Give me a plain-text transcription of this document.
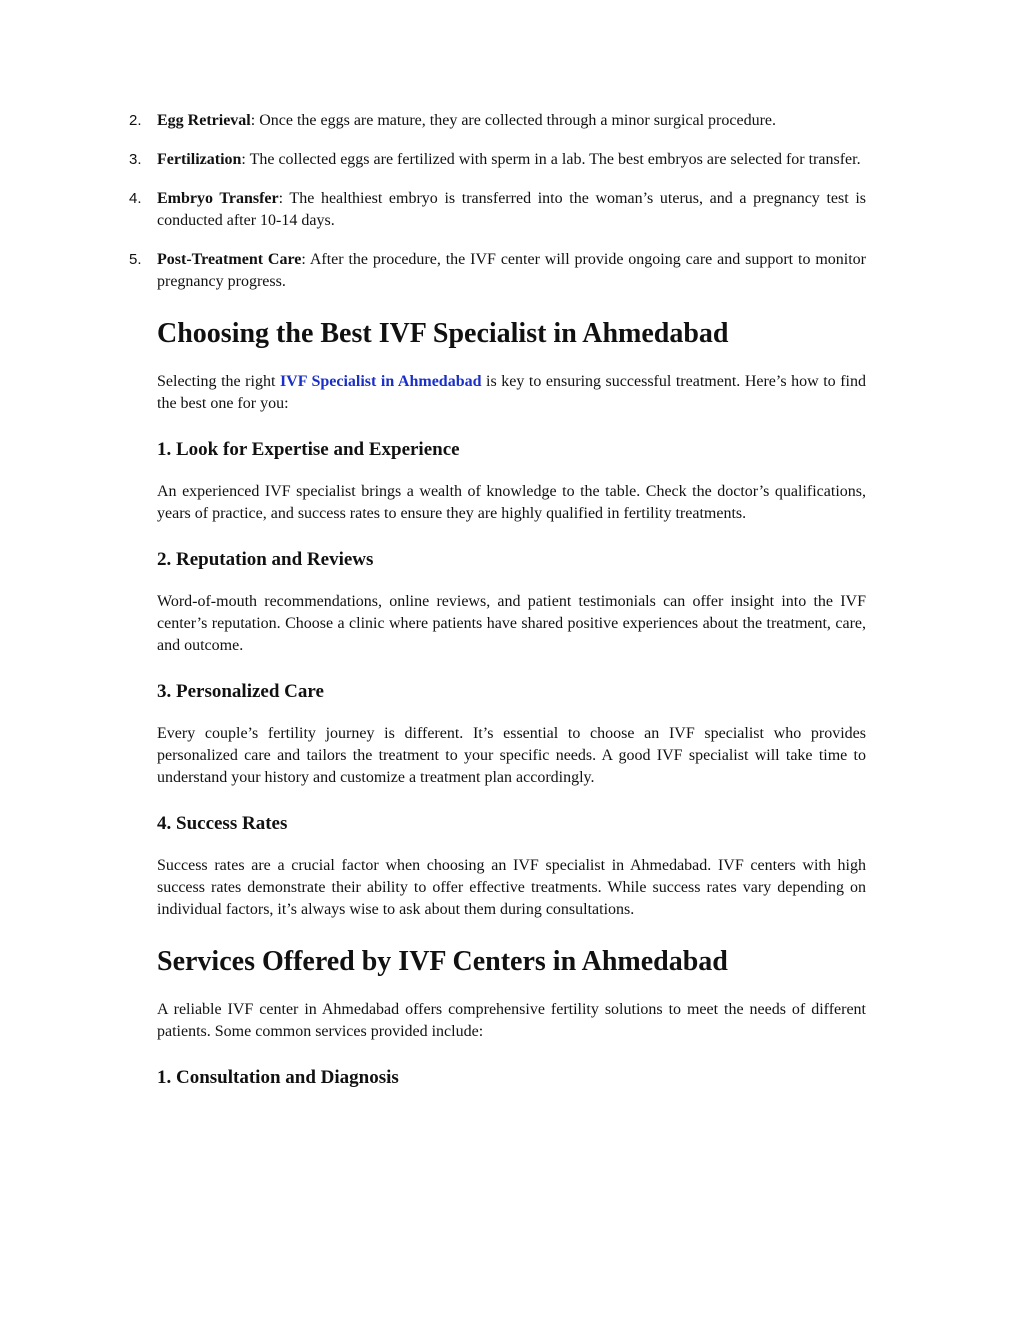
2. Egg Retrieval: Once the eggs are mature, they are collected through a minor surgical procedure.
3. Fertilization: The collected eggs are fertilized with sperm in a lab. The best embryos are selected for transfer.
4. Embryo Transfer: The healthiest embryo is transferred into the woman’s uterus, and a pregnancy test is conducted after 10-14 days.
5. Post-Treatment Care: After the procedure, the IVF center will provide ongoing care and support to monitor pregnancy progress.
Choosing the Best IVF Specialist in Ahmedabad

Selecting the right IVF Specialist in Ahmedabad is key to ensuring successful treatment. Here’s how to find the best one for you:

1. Look for Expertise and Experience

An experienced IVF specialist brings a wealth of knowledge to the table. Check the doctor’s qualifications, years of practice, and success rates to ensure they are highly qualified in fertility treatments.

2. Reputation and Reviews

Word-of-mouth recommendations, online reviews, and patient testimonials can offer insight into the IVF center’s reputation. Choose a clinic where patients have shared positive experiences about the treatment, care, and outcome.

3. Personalized Care

Every couple’s fertility journey is different. It’s essential to choose an IVF specialist who provides personalized care and tailors the treatment to your specific needs. A good IVF specialist will take time to understand your history and customize a treatment plan accordingly.

4. Success Rates

Success rates are a crucial factor when choosing an IVF specialist in Ahmedabad. IVF centers with high success rates demonstrate their ability to offer effective treatments. While success rates vary depending on individual factors, it’s always wise to ask about them during consultations.

Services Offered by IVF Centers in Ahmedabad

A reliable IVF center in Ahmedabad offers comprehensive fertility solutions to meet the needs of different patients. Some common services provided include:

1. Consultation and Diagnosis
